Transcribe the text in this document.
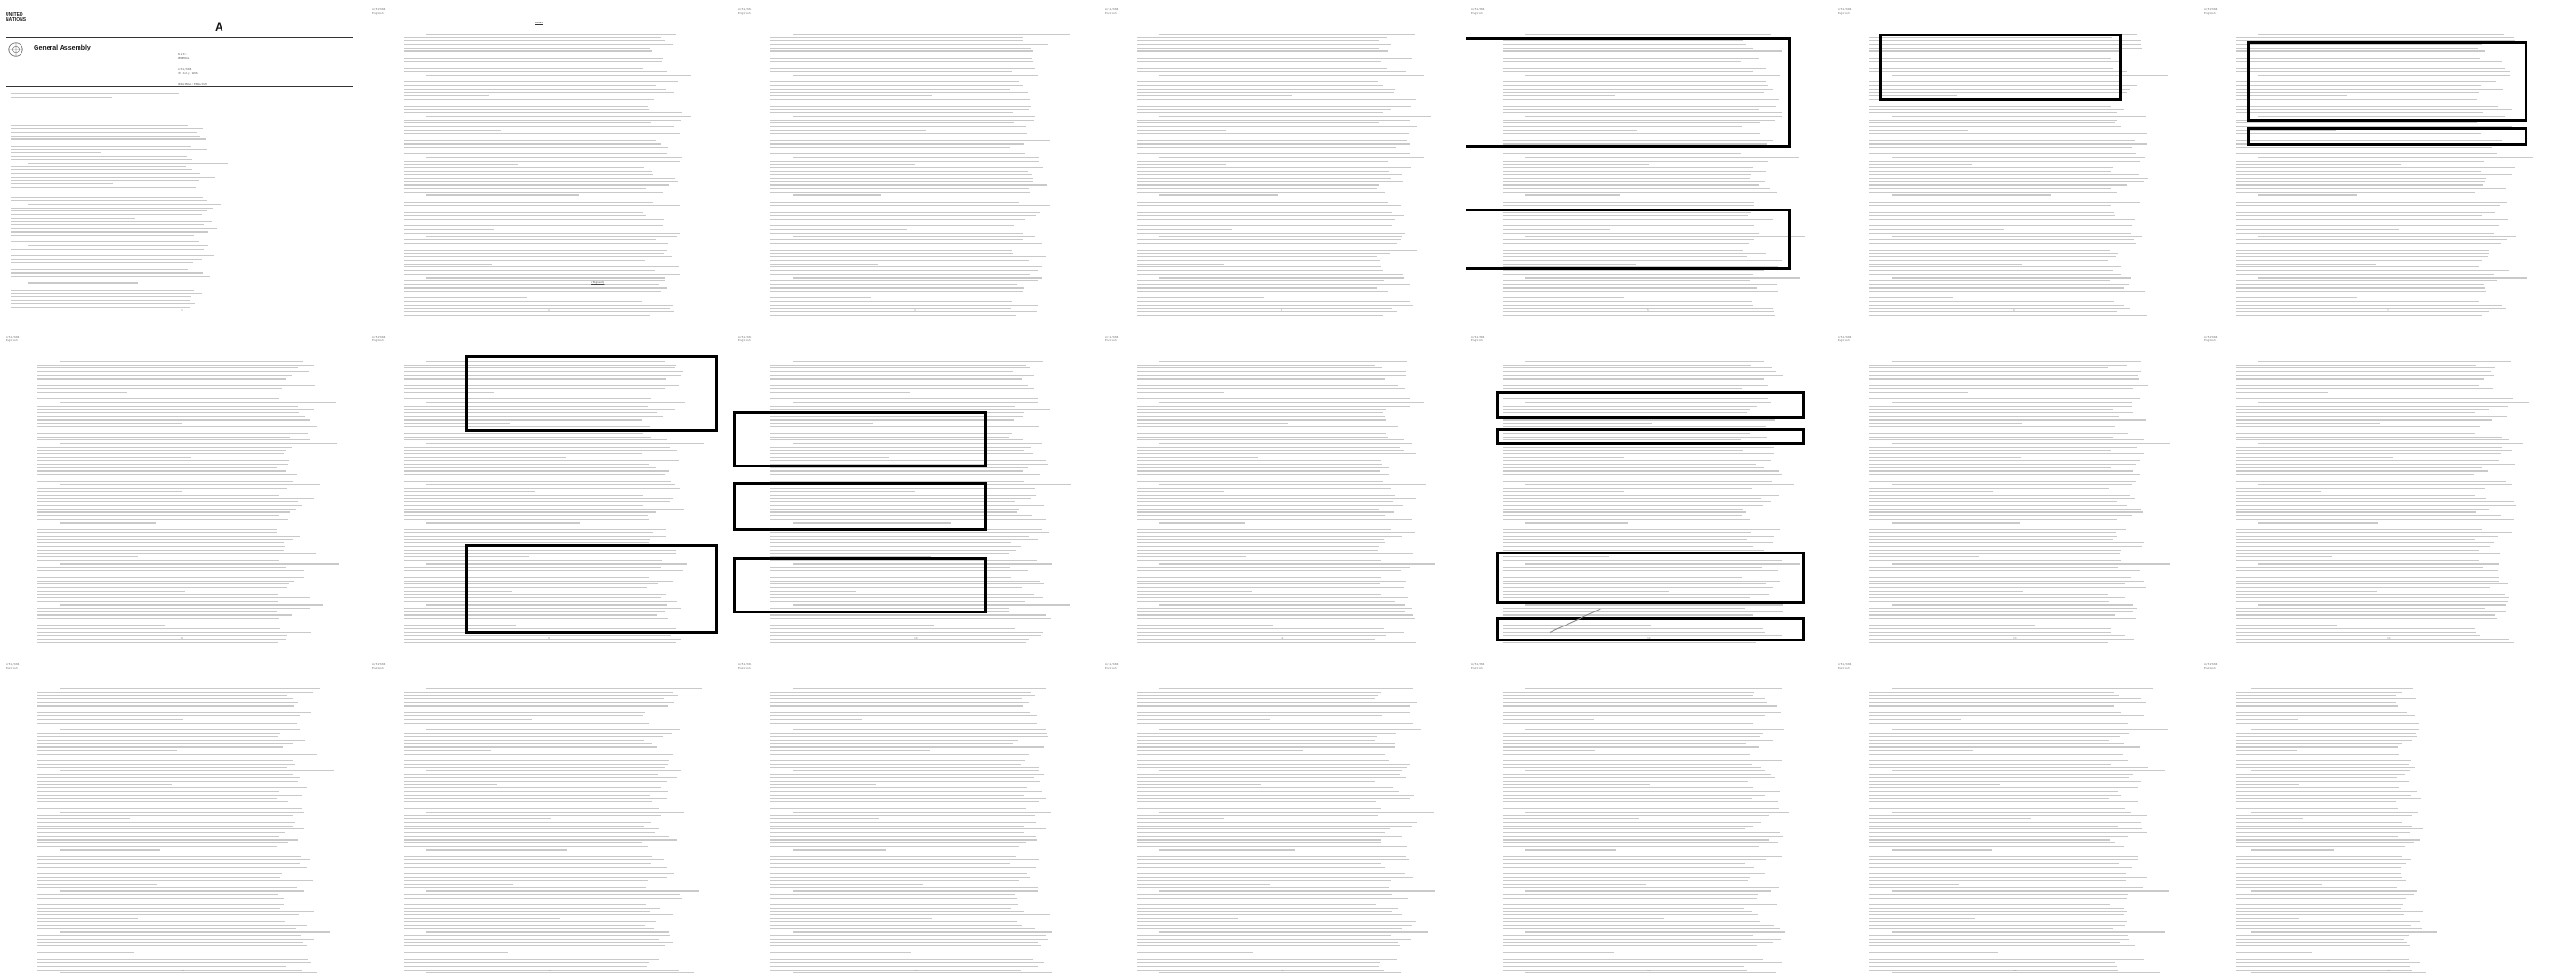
UNITED
NATIONS
A
General Assembly

Distr.
GENERAL

A/51/604
30 July 1996

ORIGINAL: ENGLISH

1
A/51/604
English
Annex
(Signed)
2
A/51/604
English
3
A/51/604
English
4
A/51/604
English
5
A/51/604
English
6
A/51/604
English
7
A/51/604
English
8
A/51/604
English
9
A/51/604
English
10
A/51/604
English
11
A/51/604
English
12
A/51/604
English
13
A/51/604
English
14
A/51/604
English
15
A/51/604
English
16
A/51/604
English
17
A/51/604
English
18
A/51/604
English
19
A/51/604
English
20
A/51/604
English
21
